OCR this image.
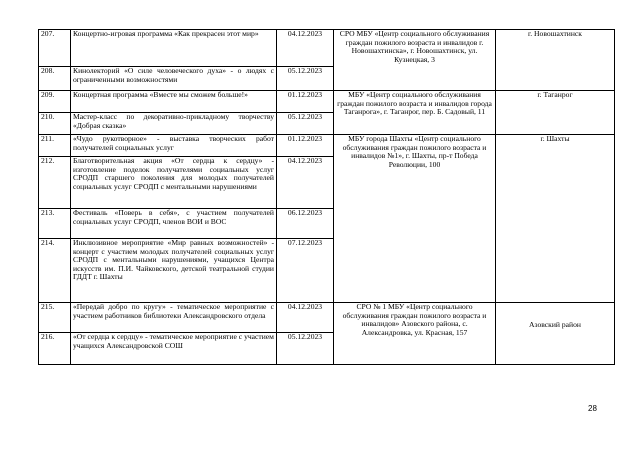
207.	Концертно-игровая программа «Как прекрасен этот мир»	04.12.2023	СРО МБУ «Центр социального обслуживания граждан пожилого возраста и инвалидов г. Новошахтинска», г. Новошахтинск, ул. Кузнецкая, 3	г. Новошахтинск
208.	Кинолекторий «О силе человеческого духа» - о людях с ограниченными возможностями	05.12.2023		
209.	Концертная программа «Вместе мы сможем больше!»	01.12.2023	МБУ «Центр социального обслуживания граждан пожилого возраста и инвалидов города Таганрога», г. Таганрог, пер. Б. Садовый, 11	г. Таганрог
210.	Мастер-класс по декоративно-прикладному творчеству «Добрая сказка»	05.12.2023		
211.	«Чудо рукотворное» - выставка творческих работ получателей социальных услуг	01.12.2023	МБУ города Шахты «Центр социального обслуживания граждан пожилого возраста и инвалидов №1», г. Шахты, пр-т Победа Революции, 100	г. Шахты
212.	Благотворительная акция «От сердца к сердцу» - изготовление поделок получателями социальных услуг СРОДП старшего поколения для молодых получателей социальных услуг СРОДП с ментальными нарушениями	04.12.2023		
213.	Фестиваль «Поверь в себя», с участием получателей социальных услуг СРОДП, членов ВОИ и ВОС	06.12.2023		
214.	Инклюзивное мероприятие «Мир равных возможностей» - концерт с участием молодых получателей социальных услуг СРОДП с ментальными нарушениями, учащихся Центра искусств им. П.И. Чайковского, детской театральной студии ГДДТ г. Шахты	07.12.2023		
215.	«Передай добро по кругу» - тематическое мероприятие с участием работников библиотеки Александровского отдела	04.12.2023	СРО № 1 МБУ «Центр социального обслуживания граждан пожилого возраста и инвалидов» Азовского района, с. Александровка, ул. Красная, 157	Азовский район
216.	«От сердца к сердцу» - тематическое мероприятие с участием учащихся Александровской СОШ	05.12.2023		
28
